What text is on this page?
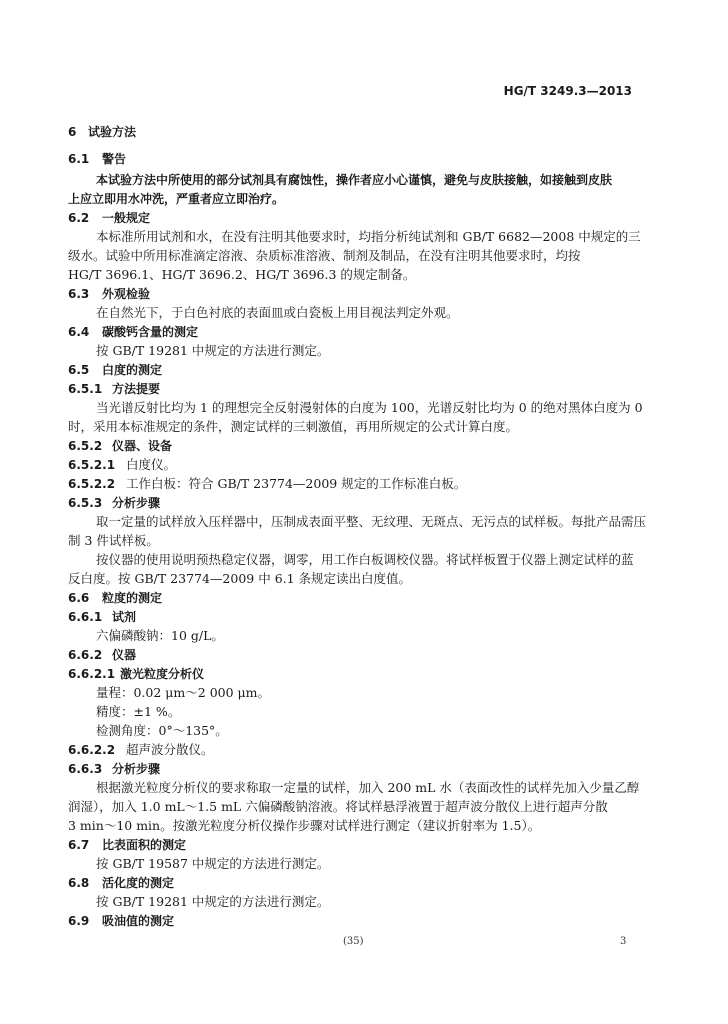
HG/T 3249.3—2013
6 试验方法
6.1 警告
本试验方法中所使用的部分试剂具有腐蚀性，操作者应小心谨慎，避免与皮肤接触，如接触到皮肤
上应立即用水冲洗，严重者应立即治疗。
6.2 一般规定
本标准所用试剂和水，在没有注明其他要求时，均指分析纯试剂和 GB/T 6682—2008 中规定的三
级水。试验中所用标准滴定溶液、杂质标准溶液、制剂及制品，在没有注明其他要求时，均按
HG/T 3696.1、HG/T 3696.2、HG/T 3696.3 的规定制备。
6.3 外观检验
在自然光下，于白色衬底的表面皿或白瓷板上用目视法判定外观。
6.4 碳酸钙含量的测定
按 GB/T 19281 中规定的方法进行测定。
6.5 白度的测定
6.5.1 方法提要
当光谱反射比均为 1 的理想完全反射漫射体的白度为 100，光谱反射比均为 0 的绝对黑体白度为 0
时，采用本标准规定的条件，测定试样的三刺激值，再用所规定的公式计算白度。
6.5.2 仪器、设备
6.5.2.1 白度仪。
6.5.2.2 工作白板：符合 GB/T 23774—2009 规定的工作标准白板。
6.5.3 分析步骤
取一定量的试样放入压样器中，压制成表面平整、无纹理、无斑点、无污点的试样板。每批产品需压
制 3 件试样板。
按仪器的使用说明预热稳定仪器，调零，用工作白板调校仪器。将试样板置于仪器上测定试样的蓝
反白度。按 GB/T 23774—2009 中 6.1 条规定读出白度值。
6.6 粒度的测定
6.6.1 试剂
六偏磷酸钠：10 g/L。
6.6.2 仪器
6.6.2.1 激光粒度分析仪
量程：0.02 μm～2 000 μm。
精度：±1 %。
检测角度：0°～135°。
6.6.2.2 超声波分散仪。
6.6.3 分析步骤
根据激光粒度分析仪的要求称取一定量的试样，加入 200 mL 水（表面改性的试样先加入少量乙醇
润湿），加入 1.0 mL～1.5 mL 六偏磷酸钠溶液。将试样悬浮液置于超声波分散仪上进行超声分散
3 min～10 min。按激光粒度分析仪操作步骤对试样进行测定（建议折射率为 1.5）。
6.7 比表面积的测定
按 GB/T 19587 中规定的方法进行测定。
6.8 活化度的测定
按 GB/T 19281 中规定的方法进行测定。
6.9 吸油值的测定
(35)	3
